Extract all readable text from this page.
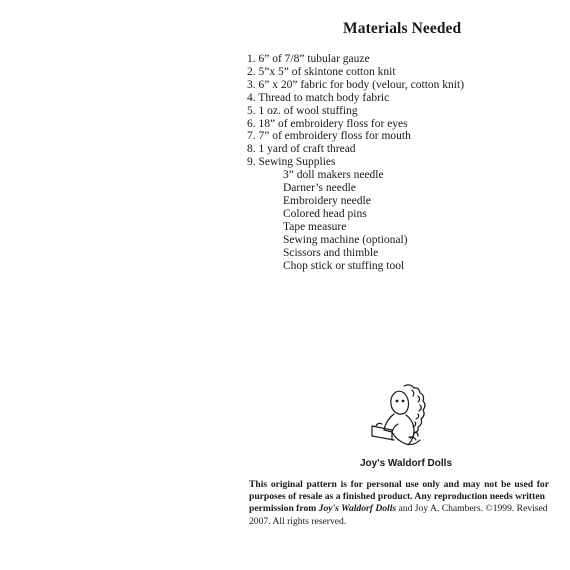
Materials Needed
1. 6” of 7/8” tubular gauze
2. 5”x 5” of skintone cotton knit
3. 6” x 20” fabric for body (velour, cotton knit)
4. Thread to match body fabric
5. 1 oz. of wool stuffing
6. 18” of embroidery floss for eyes
7. 7” of embroidery floss for mouth
8. 1 yard of craft thread
9. Sewing Supplies
3” doll makers needle
Darner’s needle
Embroidery needle
Colored head pins
Tape measure
Sewing machine (optional)
Scissors and thimble
Chop stick or stuffing tool
Joy's Waldorf Dolls
This original pattern is for personal use only and may not be used for purposes of resale as a finished product. Any reproduction needs written
permission from Joy's Waldorf Dolls and Joy A. Chambers. ©1999. Revised
2007. All rights reserved.
